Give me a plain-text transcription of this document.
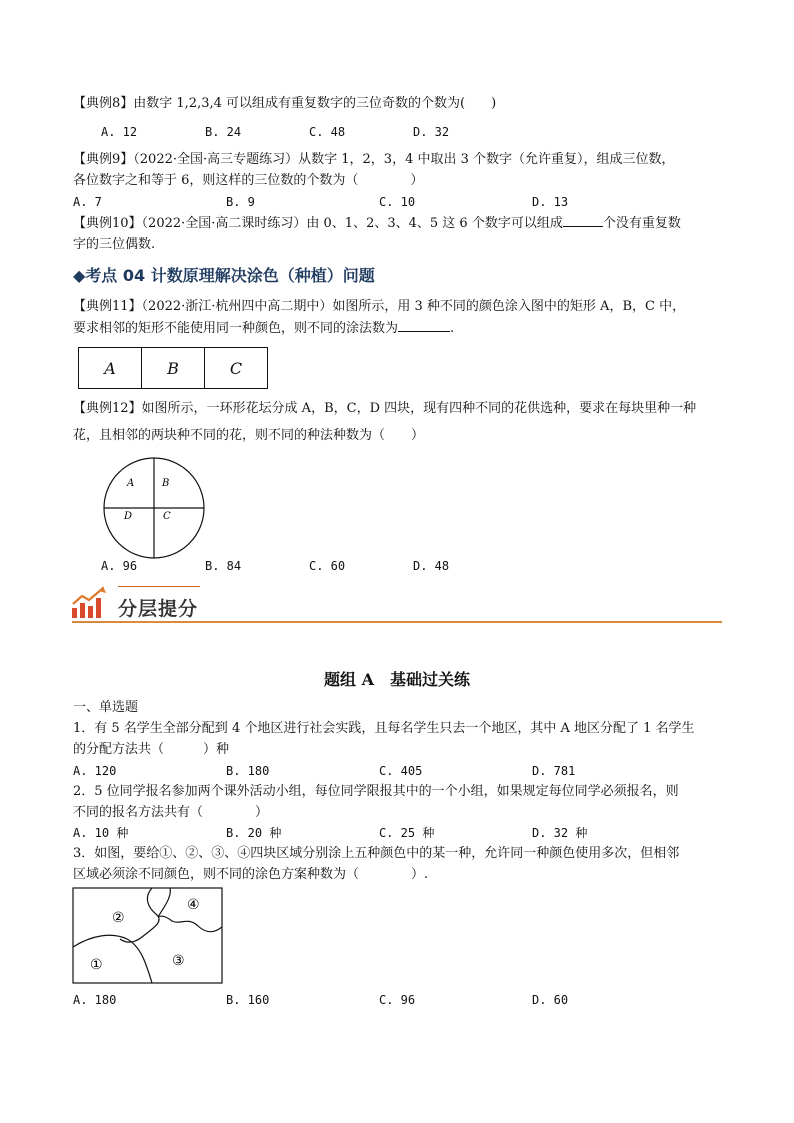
【典例8】由数字 1,2,3,4 可以组成有重复数字的三位奇数的个数为(　　)
A. 12	B. 24	C. 48	D. 32
【典例9】（2022·全国·高三专题练习）从数字 1，2，3，4 中取出 3 个数字（允许重复），组成三位数，
各位数字之和等于 6，则这样的三位数的个数为（　　　　）
A. 7	B. 9	C. 10	D. 13
【典例10】（2022·全国·高二课时练习）由 0、1、2、3、4、5 这 6 个数字可以组成	个没有重复数
字的三位偶数.
◆考点 04 计数原理解决涂色（种植）问题
【典例11】（2022·浙江·杭州四中高二期中）如图所示，用 3 种不同的颜色涂入图中的矩形 A，B，C 中，
要求相邻的矩形不能使用同一种颜色，则不同的涂法数为	.
A	B	C
【典例12】如图所示，一环形花坛分成 A，B，C，D 四块，现有四种不同的花供选种，要求在每块里种一种
花，且相邻的两块种不同的花，则不同的种法种数为（　　）
A	B
D	C
A. 96	B. 84	C. 60	D. 48
分层提分
题组 A　基础过关练
一、单选题
1．有 5 名学生全部分配到 4 个地区进行社会实践，且每名学生只去一个地区，其中 A 地区分配了 1 名学生
的分配方法共（　　　）种
A. 120	B. 180	C. 405	D. 781
2．5 位同学报名参加两个课外活动小组，每位同学限报其中的一个小组，如果规定每位同学必须报名，则
不同的报名方法共有（　　　　）
A. 10 种	B. 20 种	C. 25 种	D. 32 种
3．如图，要给①、②、③、④四块区域分别涂上五种颜色中的某一种，允许同一种颜色使用多次，但相邻
区域必须涂不同颜色，则不同的涂色方案种数为（　　　　）.
②
④
①	③
A. 180	B. 160	C. 96	D. 60
